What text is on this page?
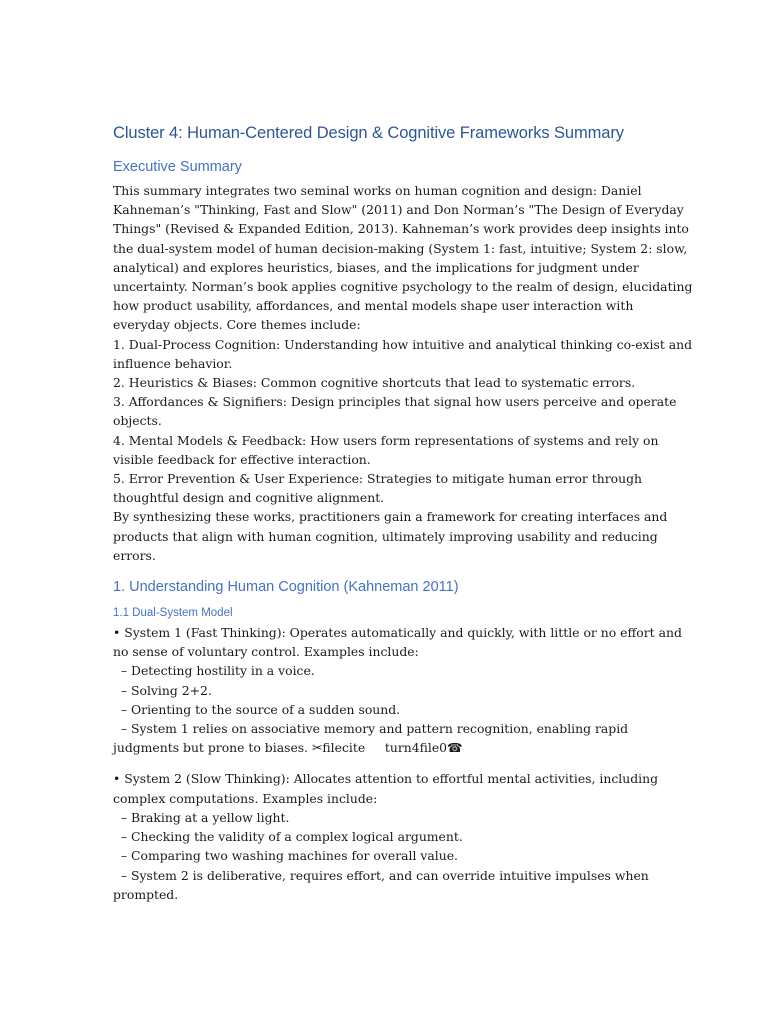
Cluster 4: Human-Centered Design & Cognitive Frameworks Summary
Executive Summary

This summary integrates two seminal works on human cognition and design: Daniel

Kahneman’s "Thinking, Fast and Slow" (2011) and Don Norman’s "The Design of Everyday

Things" (Revised & Expanded Edition, 2013). Kahneman’s work provides deep insights into

the dual-system model of human decision-making (System 1: fast, intuitive; System 2: slow,

analytical) and explores heuristics, biases, and the implications for judgment under

uncertainty. Norman’s book applies cognitive psychology to the realm of design, elucidating

how product usability, affordances, and mental models shape user interaction with

everyday objects. Core themes include:

1. Dual-Process Cognition: Understanding how intuitive and analytical thinking co-exist and

influence behavior.

2. Heuristics & Biases: Common cognitive shortcuts that lead to systematic errors.

3. Affordances & Signifiers: Design principles that signal how users perceive and operate

objects.

4. Mental Models & Feedback: How users form representations of systems and rely on

visible feedback for effective interaction.

5. Error Prevention & User Experience: Strategies to mitigate human error through

thoughtful design and cognitive alignment.

By synthesizing these works, practitioners gain a framework for creating interfaces and

products that align with human cognition, ultimately improving usability and reducing

errors.

1. Understanding Human Cognition (Kahneman 2011)
1.1 Dual-System Model

• System 1 (Fast Thinking): Operates automatically and quickly, with little or no effort and

no sense of voluntary control. Examples include:

– Detecting hostility in a voice.

– Solving 2+2.

– Orienting to the source of a sudden sound.

– System 1 relies on associative memory and pattern recognition, enabling rapid

judgments but prone to biases. ✂filecite     turn4file0☎

• System 2 (Slow Thinking): Allocates attention to effortful mental activities, including

complex computations. Examples include:

– Braking at a yellow light.

– Checking the validity of a complex logical argument.

– Comparing two washing machines for overall value.

– System 2 is deliberative, requires effort, and can override intuitive impulses when

prompted.
